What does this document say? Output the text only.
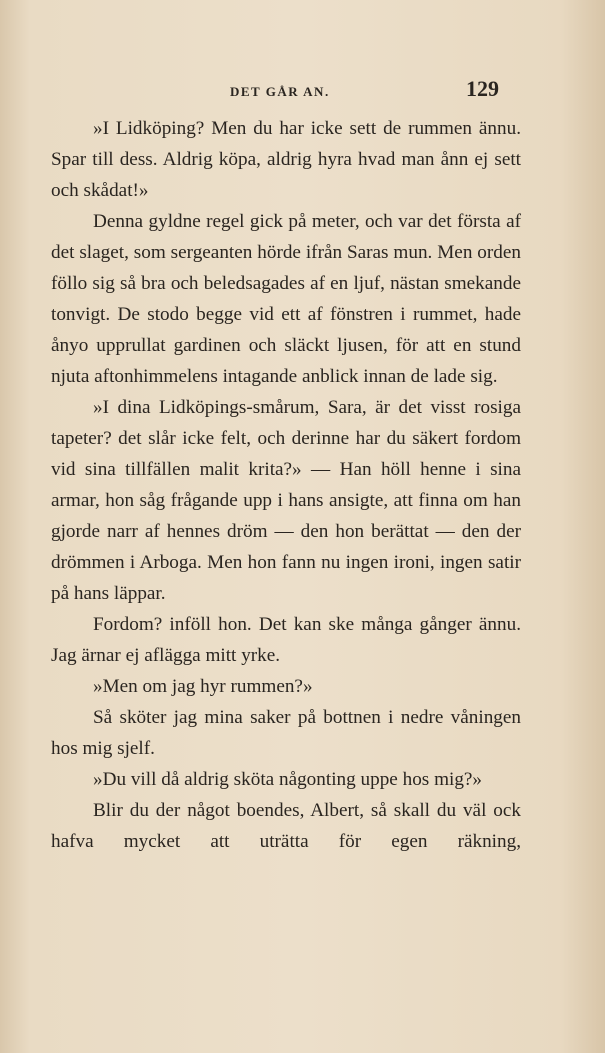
DET GÅR AN.	129

»I Lidköping? Men du har icke sett de rummen ännu. Spar till dess. Aldrig köpa, aldrig hyra hvad man ånn ej sett och skådat!»

Denna gyldne regel gick på meter, och var det första af det slaget, som sergeanten hörde ifrån Saras mun. Men orden föllo sig så bra och beledsagades af en ljuf, nästan smekande tonvigt. De stodo begge vid ett af fönstren i rummet, hade ånyo upprullat gardinen och släckt ljusen, för att en stund njuta aftonhimmelens intagande anblick innan de lade sig.

»I dina Lidköpings-smårum, Sara, är det visst rosiga tapeter? det slår icke felt, och derinne har du säkert fordom vid sina tillfällen malit krita?» — Han höll henne i sina armar, hon såg frågande upp i hans ansigte, att finna om han gjorde narr af hennes dröm — den hon berättat — den der drömmen i Arboga. Men hon fann nu ingen ironi, ingen satir på hans läppar.

Fordom? inföll hon. Det kan ske många gånger ännu. Jag ärnar ej aflägga mitt yrke.

»Men om jag hyr rummen?»

Så sköter jag mina saker på bottnen i nedre våningen hos mig sjelf.

»Du vill då aldrig sköta någonting uppe hos mig?»

Blir du der något boendes, Albert, så skall du väl ock hafva mycket att uträtta för egen räkning,
